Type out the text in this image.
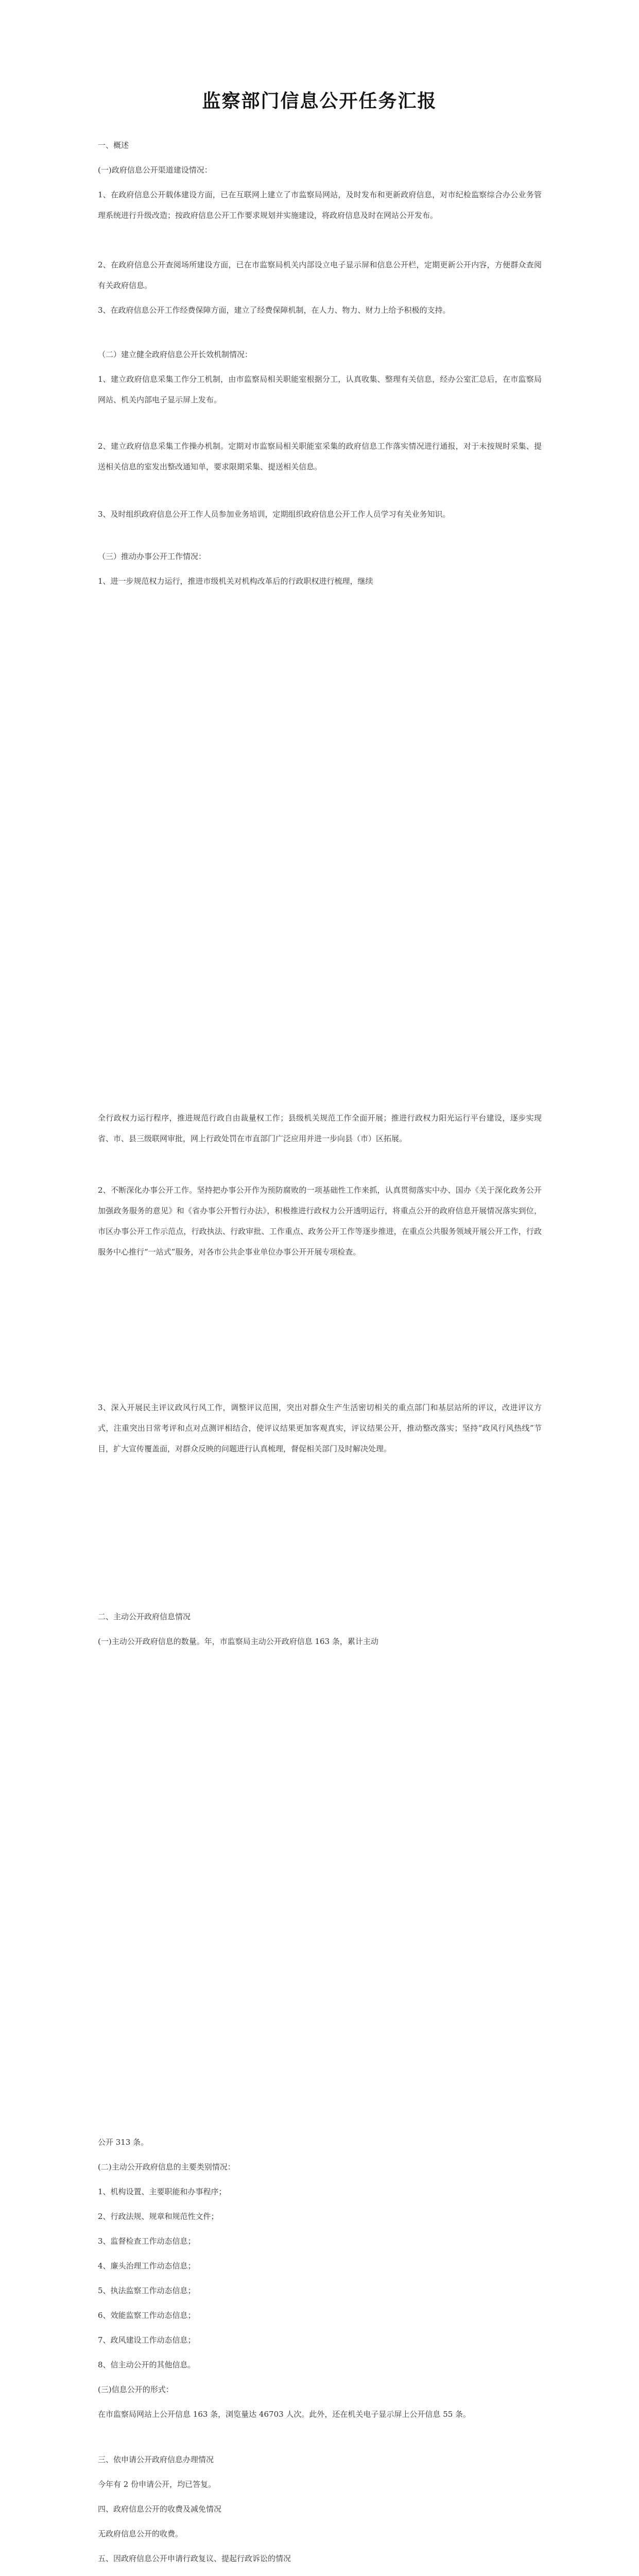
监察部门信息公开任务汇报

一、概述

(一)政府信息公开渠道建设情况：

1、在政府信息公开载体建设方面，已在互联网上建立了市监察局网站，及时发布和更新政府信息，对市纪检监察综合办公业务管理系统进行升级改造；按政府信息公开工作要求规划并实施建设，将政府信息及时在网站公开发布。

2、在政府信息公开查阅场所建设方面，已在市监察局机关内部设立电子显示屏和信息公开栏，定期更新公开内容，方便群众查阅有关政府信息。

3、在政府信息公开工作经费保障方面，建立了经费保障机制，在人力、物力、财力上给予积极的支持。

（二）建立健全政府信息公开长效机制情况：

1、建立政府信息采集工作分工机制，由市监察局相关职能室根据分工，认真收集、整理有关信息，经办公室汇总后，在市监察局网站、机关内部电子显示屏上发布。

2、建立政府信息采集工作操办机制。定期对市监察局相关职能室采集的政府信息工作落实情况进行通报，对于未按规时采集、提送相关信息的室发出整改通知单，要求限期采集、提送相关信息。

3、及时组织政府信息公开工作人员参加业务培训，定期组织政府信息公开工作人员学习有关业务知识。

（三）推动办事公开工作情况：

1、进一步规范权力运行，推进市级机关对机构改革后的行政职权进行梳理，继续

全行政权力运行程序，推进规范行政自由裁量权工作；县级机关规范工作全面开展；推进行政权力阳光运行平台建设，逐步实现省、市、县三级联网审批，网上行政处罚在市直部门广泛应用并进一步向县（市）区拓展。

2、不断深化办事公开工作。坚持把办事公开作为预防腐败的一项基础性工作来抓，认真贯彻落实中办、国办《关于深化政务公开加强政务服务的意见》和《省办事公开暂行办法》，积极推进行政权力公开透明运行，将重点公开的政府信息开展情况落实到位，市区办事公开工作示范点，行政执法、行政审批、工作重点、政务公开工作等逐步推进，在重点公共服务领域开展公开工作，行政服务中心推行“一站式”服务，对各市公共企事业单位办事公开开展专项检查。

3、深入开展民主评议政风行风工作，调整评议范围，突出对群众生产生活密切相关的重点部门和基层站所的评议，改进评议方式，注重突出日常考评和点对点测评相结合，使评议结果更加客观真实，评议结果公开，推动整改落实；坚持“政风行风热线”节目，扩大宣传覆盖面，对群众反映的问题进行认真梳理，督促相关部门及时解决处理。

二、主动公开政府信息情况

(一)主动公开政府信息的数量。年，市监察局主动公开政府信息 163 条，累计主动

公开 313 条。

(二)主动公开政府信息的主要类别情况：

1、机构设置、主要职能和办事程序；

2、行政法规、规章和规范性文件；

3、监督检查工作动态信息；

4、廉头治理工作动态信息；

5、执法监察工作动态信息；

6、效能监察工作动态信息；

7、政风建设工作动态信息；

8、信主动公开的其他信息。

(三)信息公开的形式：

在市监察局网站上公开信息 163 条，浏览量达 46703 人次。此外，还在机关电子显示屏上公开信息 55 条。

三、依申请公开政府信息办理情况

今年有 2 份申请公开，均已答复。

四、政府信息公开的收费及减免情况

无政府信息公开的收费。

五、因政府信息公开申请行政复议、提起行政诉讼的情况
